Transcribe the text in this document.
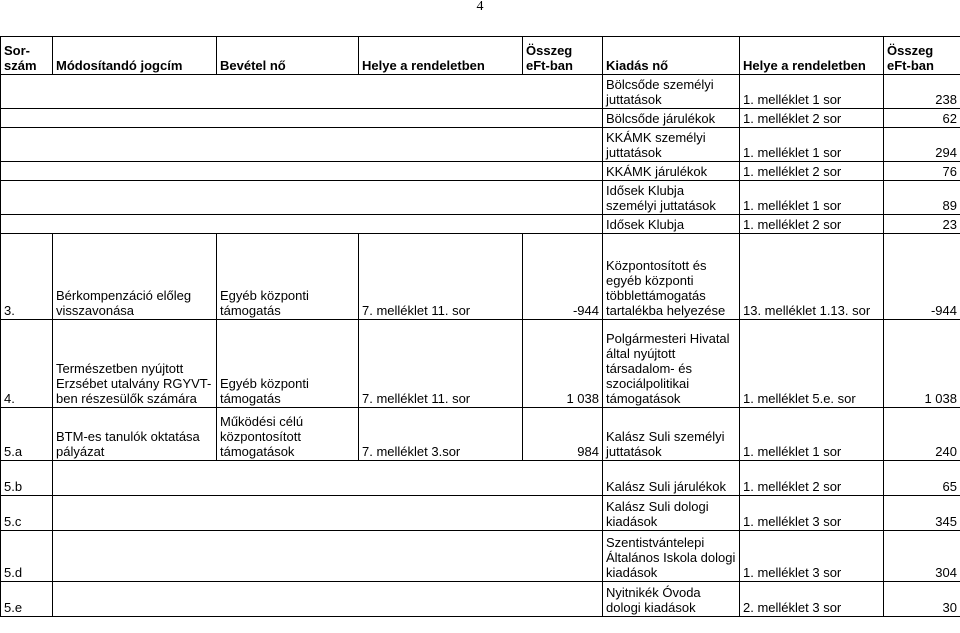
4
Sor-szám	Módosítandó jogcím	Bevétel nő	Helye a rendeletben	Összeg eFt-ban	Kiadás nő	Helye a rendeletben	Összeg eFt-ban
					Bölcsőde személyi juttatások	1. melléklet 1 sor	238
					Bölcsőde járulékok	1. melléklet 2 sor	62
					KKÁMK személyi juttatások	1. melléklet 1 sor	294
					KKÁMK járulékok	1. melléklet 2 sor	76
					Idősek Klubja személyi juttatások	1. melléklet 1 sor	89
					Idősek Klubja	1. melléklet 2 sor	23
3.	Bérkompenzáció előleg visszavonása	Egyéb központi támogatás	7. melléklet 11. sor	-944	Központosított és egyéb központi többlettámogatás tartalékba helyezése	13. melléklet 1.13. sor	-944
4.	Természetben nyújtott Erzsébet utalvány RGYVT-ben részesülők számára	Egyéb központi támogatás	7. melléklet 11. sor	1 038	Polgármesteri Hivatal által nyújtott társadalom- és szociálpolitikai támogatások	1. melléklet 5.e. sor	1 038
5.a	BTM-es tanulók oktatása pályázat	Működési célú központosított támogatások	7. melléklet 3.sor	984	Kalász Suli személyi juttatások	1. melléklet 1 sor	240
5.b					Kalász Suli járulékok	1. melléklet 2 sor	65
5.c					Kalász Suli dologi kiadások	1. melléklet 3 sor	345
5.d					Szentistvántelepi Általános Iskola dologi kiadások	1. melléklet 3 sor	304
5.e					Nyitnikék Óvoda dologi kiadások	2. melléklet 3 sor	30
